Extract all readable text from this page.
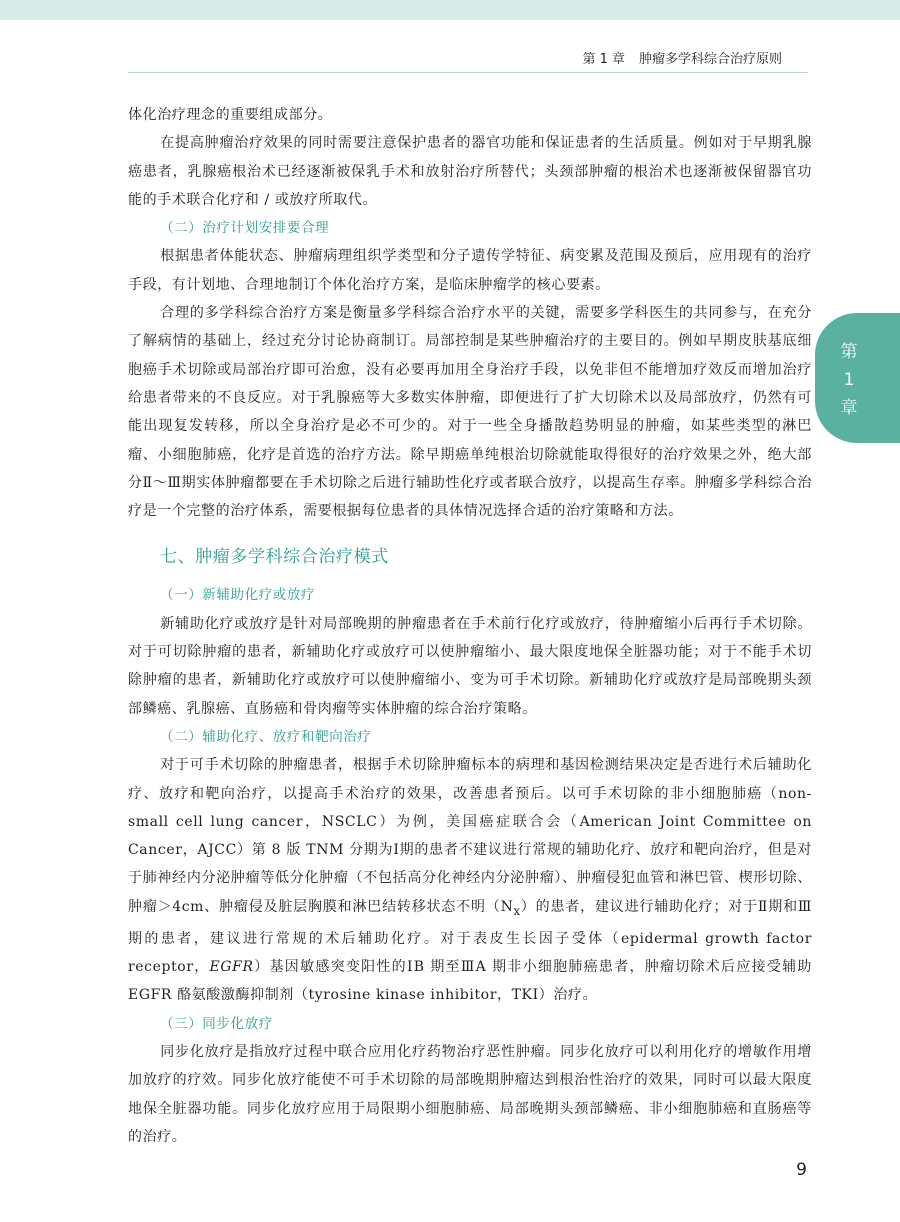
第 1 章 肿瘤多学科综合治疗原则
第
1
章

体化治疗理念的重要组成部分。

在提高肿瘤治疗效果的同时需要注意保护患者的器官功能和保证患者的生活质量。例如对于早期乳腺癌患者，乳腺癌根治术已经逐渐被保乳手术和放射治疗所替代；头颈部肿瘤的根治术也逐渐被保留器官功能的手术联合化疗和 / 或放疗所取代。

（二）治疗计划安排要合理

根据患者体能状态、肿瘤病理组织学类型和分子遗传学特征、病变累及范围及预后，应用现有的治疗手段，有计划地、合理地制订个体化治疗方案，是临床肿瘤学的核心要素。

合理的多学科综合治疗方案是衡量多学科综合治疗水平的关键，需要多学科医生的共同参与，在充分了解病情的基础上，经过充分讨论协商制订。局部控制是某些肿瘤治疗的主要目的。例如早期皮肤基底细胞癌手术切除或局部治疗即可治愈，没有必要再加用全身治疗手段，以免非但不能增加疗效反而增加治疗给患者带来的不良反应。对于乳腺癌等大多数实体肿瘤，即便进行了扩大切除术以及局部放疗，仍然有可能出现复发转移，所以全身治疗是必不可少的。对于一些全身播散趋势明显的肿瘤，如某些类型的淋巴瘤、小细胞肺癌，化疗是首选的治疗方法。除早期癌单纯根治切除就能取得很好的治疗效果之外，绝大部分Ⅱ～Ⅲ期实体肿瘤都要在手术切除之后进行辅助性化疗或者联合放疗，以提高生存率。肿瘤多学科综合治疗是一个完整的治疗体系，需要根据每位患者的具体情况选择合适的治疗策略和方法。

七、肿瘤多学科综合治疗模式
（一）新辅助化疗或放疗

新辅助化疗或放疗是针对局部晚期的肿瘤患者在手术前行化疗或放疗，待肿瘤缩小后再行手术切除。对于可切除肿瘤的患者，新辅助化疗或放疗可以使肿瘤缩小、最大限度地保全脏器功能；对于不能手术切除肿瘤的患者，新辅助化疗或放疗可以使肿瘤缩小、变为可手术切除。新辅助化疗或放疗是局部晚期头颈部鳞癌、乳腺癌、直肠癌和骨肉瘤等实体肿瘤的综合治疗策略。

（二）辅助化疗、放疗和靶向治疗

对于可手术切除的肿瘤患者，根据手术切除肿瘤标本的病理和基因检测结果决定是否进行术后辅助化疗、放疗和靶向治疗，以提高手术治疗的效果，改善患者预后。以可手术切除的非小细胞肺癌（non-small cell lung cancer，NSCLC）为例，美国癌症联合会（American Joint Committee on Cancer，AJCC）第 8 版 TNM 分期为Ⅰ期的患者不建议进行常规的辅助化疗、放疗和靶向治疗，但是对于肺神经内分泌肿瘤等低分化肿瘤（不包括高分化神经内分泌肿瘤）、肿瘤侵犯血管和淋巴管、楔形切除、肿瘤＞4cm、肿瘤侵及脏层胸膜和淋巴结转移状态不明$(N_x)$的患者，建议进行辅助化疗；对于Ⅱ期和Ⅲ期的患者，建议进行常规的术后辅助化疗。对于表皮生长因子受体（epidermal growth factor receptor，EGFR）基因敏感突变阳性的ⅠB 期至ⅢA 期非小细胞肺癌患者，肿瘤切除术后应接受辅助 EGFR 酪氨酸激酶抑制剂（tyrosine kinase inhibitor，TKI）治疗。

（三）同步化放疗

同步化放疗是指放疗过程中联合应用化疗药物治疗恶性肿瘤。同步化放疗可以利用化疗的增敏作用增加放疗的疗效。同步化放疗能使不可手术切除的局部晚期肿瘤达到根治性治疗的效果，同时可以最大限度地保全脏器功能。同步化放疗应用于局限期小细胞肺癌、局部晚期头颈部鳞癌、非小细胞肺癌和直肠癌等的治疗。

9
